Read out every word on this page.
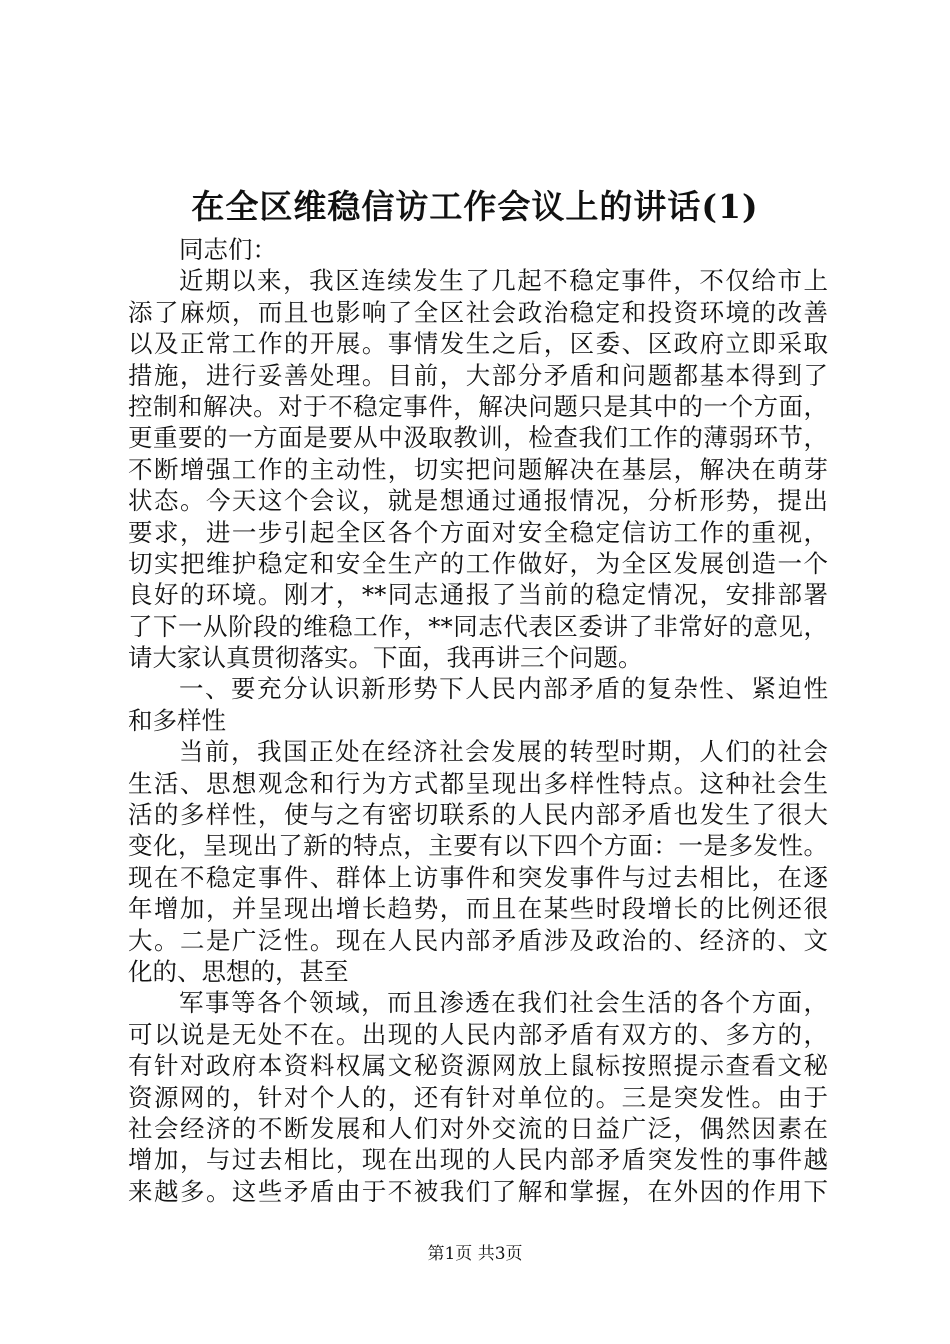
在全区维稳信访工作会议上的讲话(1)
同志们：
近期以来，我区连续发生了几起不稳定事件，不仅给市上
添了麻烦，而且也影响了全区社会政治稳定和投资环境的改善
以及正常工作的开展。事情发生之后，区委、区政府立即采取
措施，进行妥善处理。目前，大部分矛盾和问题都基本得到了
控制和解决。对于不稳定事件，解决问题只是其中的一个方面，
更重要的一方面是要从中汲取教训，检查我们工作的薄弱环节，
不断增强工作的主动性，切实把问题解决在基层，解决在萌芽
状态。今天这个会议，就是想通过通报情况，分析形势，提出
要求，进一步引起全区各个方面对安全稳定信访工作的重视，
切实把维护稳定和安全生产的工作做好，为全区发展创造一个
良好的环境。刚才，**同志通报了当前的稳定情况，安排部署
了下一从阶段的维稳工作，**同志代表区委讲了非常好的意见，
请大家认真贯彻落实。下面，我再讲三个问题。
一、要充分认识新形势下人民内部矛盾的复杂性、紧迫性
和多样性
当前，我国正处在经济社会发展的转型时期，人们的社会
生活、思想观念和行为方式都呈现出多样性特点。这种社会生
活的多样性，使与之有密切联系的人民内部矛盾也发生了很大
变化，呈现出了新的特点，主要有以下四个方面：一是多发性。
现在不稳定事件、群体上访事件和突发事件与过去相比，在逐
年增加，并呈现出增长趋势，而且在某些时段增长的比例还很
大。二是广泛性。现在人民内部矛盾涉及政治的、经济的、文
化的、思想的，甚至
军事等各个领域，而且渗透在我们社会生活的各个方面，
可以说是无处不在。出现的人民内部矛盾有双方的、多方的，
有针对政府本资料权属文秘资源网放上鼠标按照提示查看文秘
资源网的，针对个人的，还有针对单位的。三是突发性。由于
社会经济的不断发展和人们对外交流的日益广泛，偶然因素在
增加，与过去相比，现在出现的人民内部矛盾突发性的事件越
来越多。这些矛盾由于不被我们了解和掌握，在外因的作用下
第1页 共3页
